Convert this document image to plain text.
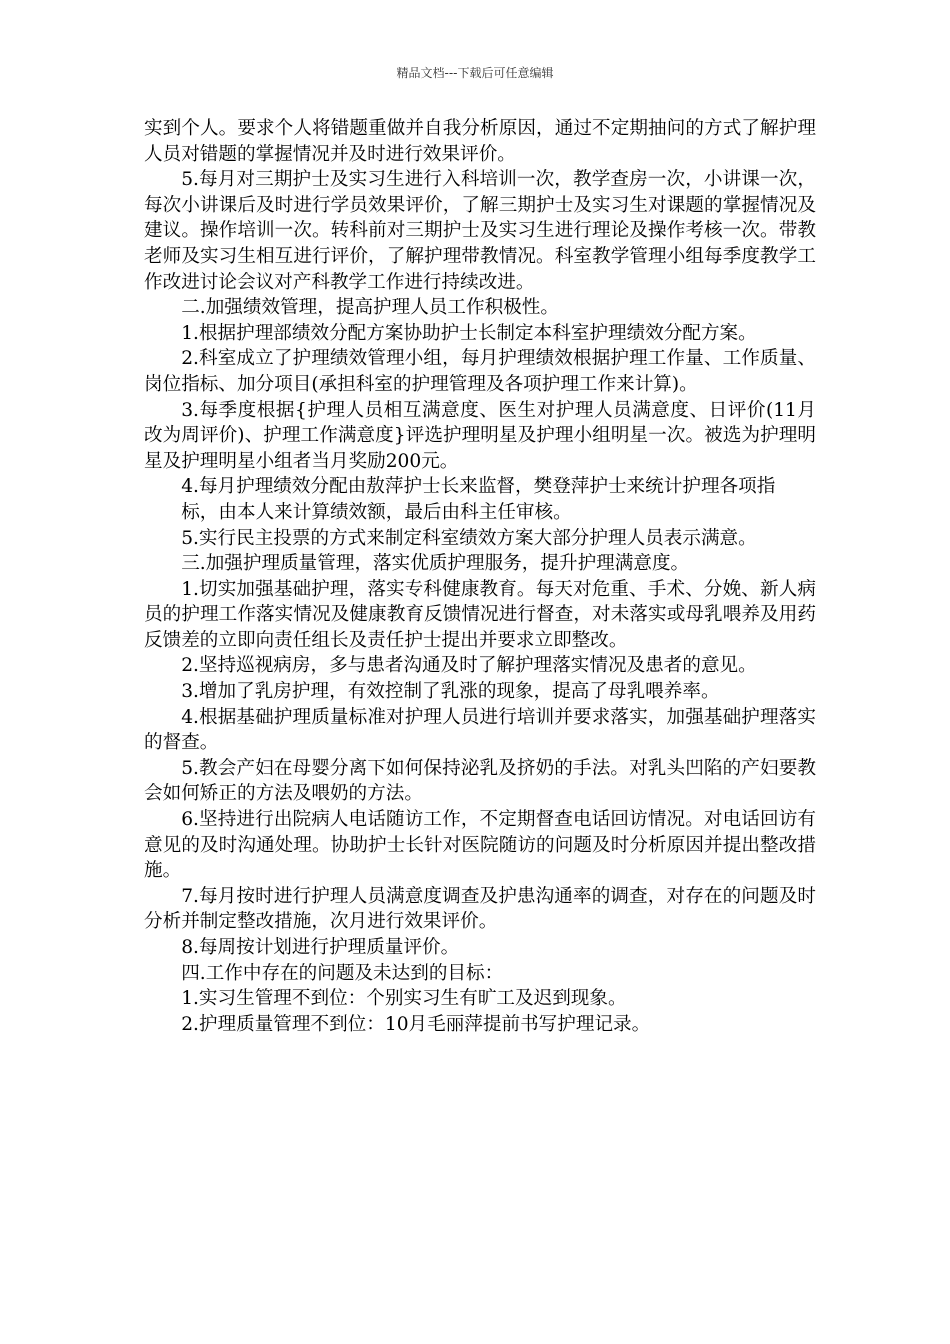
精品文档---下载后可任意编辑

实到个人。要求个人将错题重做并自我分析原因，通过不定期抽问的方式了解护理人员对错题的掌握情况并及时进行效果评价。

5.每月对三期护士及实习生进行入科培训一次，教学查房一次，小讲课一次，每次小讲课后及时进行学员效果评价，了解三期护士及实习生对课题的掌握情况及建议。操作培训一次。转科前对三期护士及实习生进行理论及操作考核一次。带教老师及实习生相互进行评价，了解护理带教情况。科室教学管理小组每季度教学工作改进讨论会议对产科教学工作进行持续改进。

二.加强绩效管理，提高护理人员工作积极性。

1.根据护理部绩效分配方案协助护士长制定本科室护理绩效分配方案。

2.科室成立了护理绩效管理小组，每月护理绩效根据护理工作量、工作质量、岗位指标、加分项目(承担科室的护理管理及各项护理工作来计算)。

3.每季度根据{护理人员相互满意度、医生对护理人员满意度、日评价(11月改为周评价)、护理工作满意度}评选护理明星及护理小组明星一次。被选为护理明星及护理明星小组者当月奖励200元。

4.每月护理绩效分配由敖萍护士长来监督，樊登萍护士来统计护理各项指

标，由本人来计算绩效额，最后由科主任审核。

5.实行民主投票的方式来制定科室绩效方案大部分护理人员表示满意。

三.加强护理质量管理，落实优质护理服务，提升护理满意度。

1.切实加强基础护理，落实专科健康教育。每天对危重、手术、分娩、新人病员的护理工作落实情况及健康教育反馈情况进行督查，对未落实或母乳喂养及用药反馈差的立即向责任组长及责任护士提出并要求立即整改。

2.坚持巡视病房，多与患者沟通及时了解护理落实情况及患者的意见。

3.增加了乳房护理，有效控制了乳涨的现象，提高了母乳喂养率。

4.根据基础护理质量标准对护理人员进行培训并要求落实，加强基础护理落实的督查。

5.教会产妇在母婴分离下如何保持泌乳及挤奶的手法。对乳头凹陷的产妇要教会如何矫正的方法及喂奶的方法。

6.坚持进行出院病人电话随访工作，不定期督查电话回访情况。对电话回访有意见的及时沟通处理。协助护士长针对医院随访的问题及时分析原因并提出整改措施。

7.每月按时进行护理人员满意度调查及护患沟通率的调查，对存在的问题及时分析并制定整改措施，次月进行效果评价。

8.每周按计划进行护理质量评价。

四.工作中存在的问题及未达到的目标：

1.实习生管理不到位：个别实习生有旷工及迟到现象。

2.护理质量管理不到位：10月毛丽萍提前书写护理记录。
